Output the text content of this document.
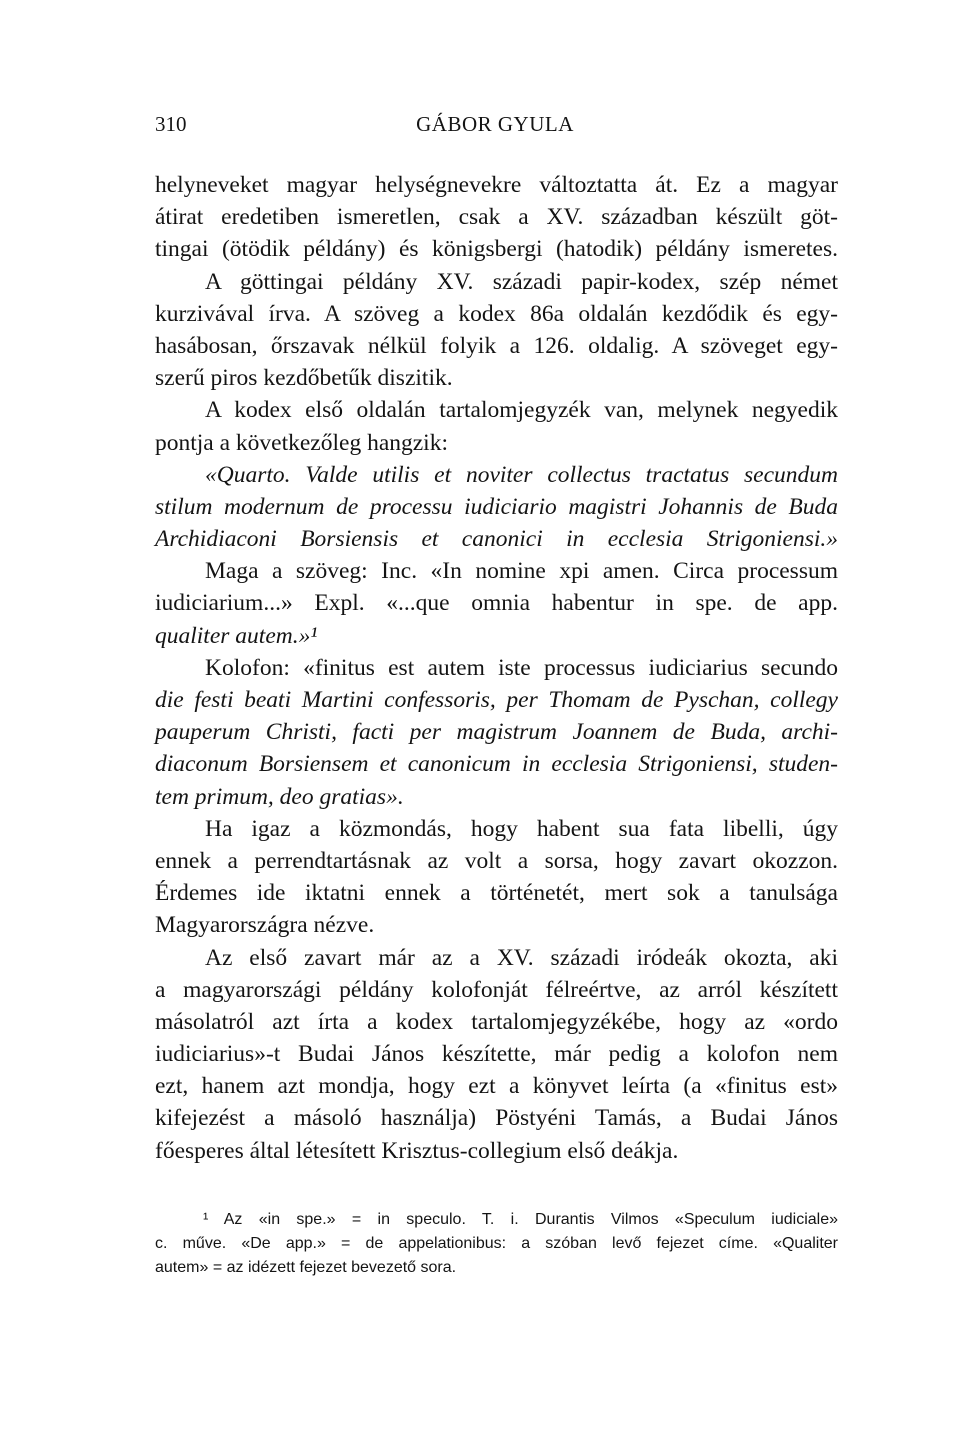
310	GÁBOR GYULA
helyneveket magyar helységnevekre változtatta át. Ez a magyar
átirat eredetiben ismeretlen, csak a XV. században készült göt-
tingai (ötödik példány) és königsbergi (hatodik) példány ismeretes.
A göttingai példány XV. századi papir-kodex, szép német
kurzivával írva. A szöveg a kodex 86a oldalán kezdődik és egy-
hasábosan, őrszavak nélkül folyik a 126. oldalig. A szöveget egy-
szerű piros kezdőbetűk diszitik.
A kodex első oldalán tartalomjegyzék van, melynek negyedik
pontja a következőleg hangzik:
«Quarto. Valde utilis et noviter collectus tractatus secundum
stilum modernum de processu iudiciario magistri Johannis de Buda
Archidiaconi Borsiensis et canonici in ecclesia Strigoniensi.»
Maga a szöveg: Inc. «In nomine xpi amen. Circa processum
iudiciarium...» Expl. «...que omnia habentur in spe. de app.
qualiter autem.»¹
Kolofon: «finitus est autem iste processus iudiciarius secundo
die festi beati Martini confessoris, per Thomam de Pyschan, collegy
pauperum Christi, facti per magistrum Joannem de Buda, archi-
diaconum Borsiensem et canonicum in ecclesia Strigoniensi, studen-
tem primum, deo gratias».
Ha igaz a közmondás, hogy habent sua fata libelli, úgy
ennek a perrendtartásnak az volt a sorsa, hogy zavart okozzon.
Érdemes ide iktatni ennek a történetét, mert sok a tanulsága
Magyarországra nézve.
Az első zavart már az a XV. századi iródeák okozta, aki
a magyarországi példány kolofonját félreértve, az arról készített
másolatról azt írta a kodex tartalomjegyzékébe, hogy az «ordo
iudiciarius»-t Budai János készítette, már pedig a kolofon nem
ezt, hanem azt mondja, hogy ezt a könyvet leírta (a «finitus est»
kifejezést a másoló használja) Pöstyéni Tamás, a Budai János
főesperes által létesített Krisztus-collegium első deákja.
¹ Az «in spe.» = in speculo. T. i. Durantis Vilmos «Speculum iudiciale»
c. műve. «De app.» = de appelationibus: a szóban levő fejezet címe. «Qualiter
autem» = az idézett fejezet bevezető sora.
